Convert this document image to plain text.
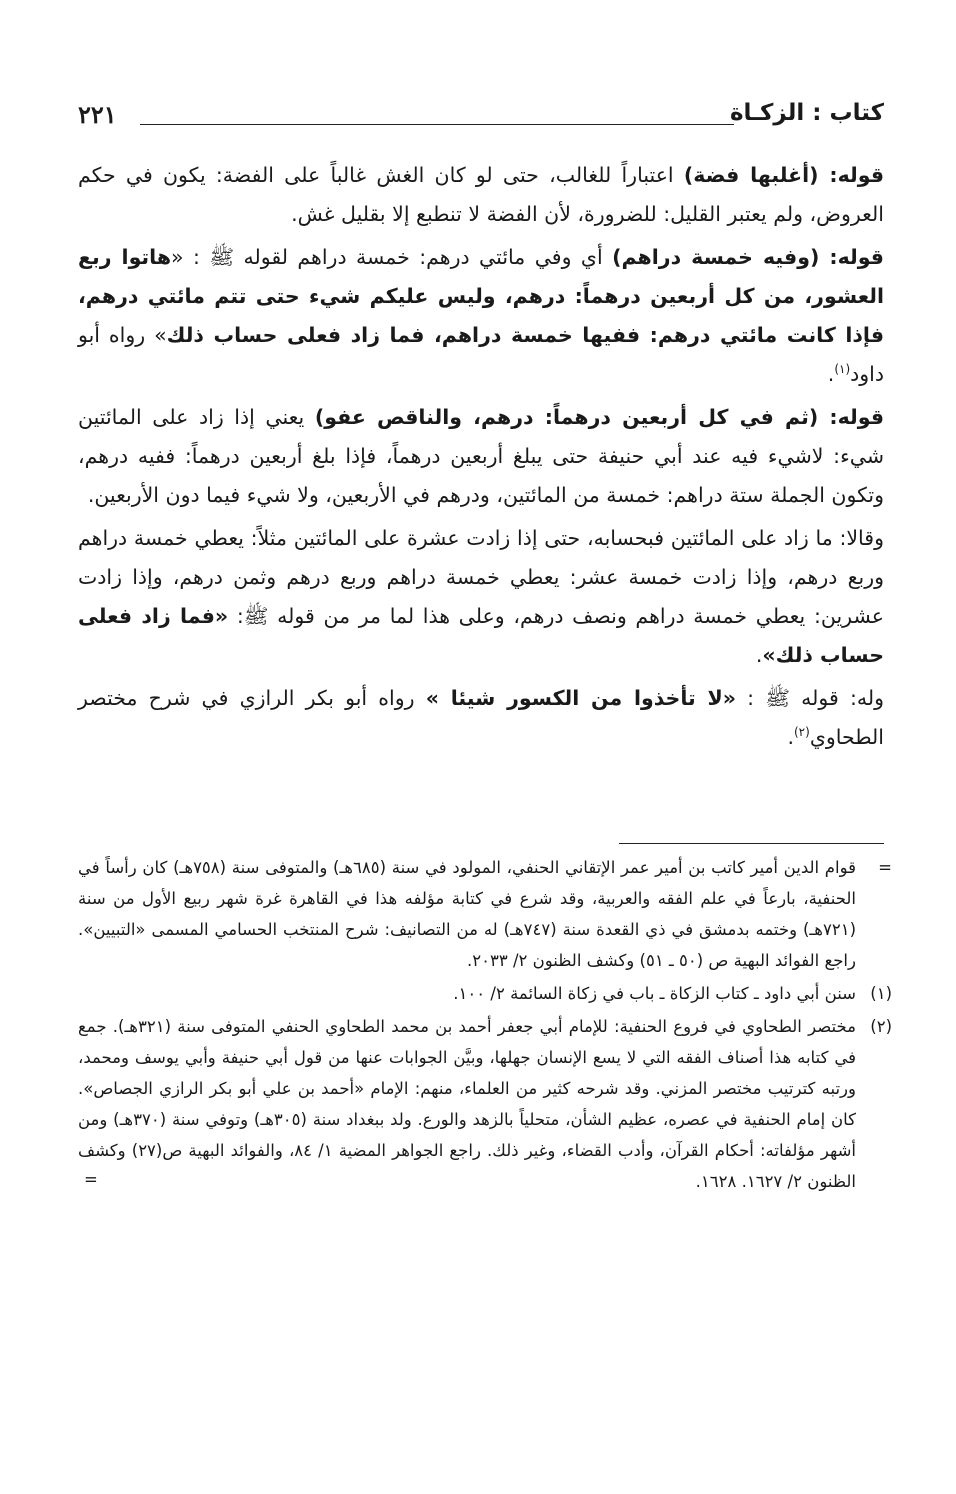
٢٢١	كتاب : الزكـاة

قوله: (أغلبها فضة) اعتباراً للغالب، حتى لو كان الغش غالباً على الفضة: يكون في حكم العروض، ولم يعتبر القليل: للضرورة، لأن الفضة لا تنطبع إلا بقليل غش.

قوله: (وفيه خمسة دراهم) أي وفي مائتي درهم: خمسة دراهم لقوله ﷺ : «هاتوا ربع العشور، من كل أربعين درهماً: درهم، وليس عليكم شيء حتى تتم مائتي درهم، فإذا كانت مائتي درهم: ففيها خمسة دراهم، فما زاد فعلى حساب ذلك» رواه أبو داود$^{(١)}$.

قوله: (ثم في كل أربعين درهماً: درهم، والناقص عفو) يعني إذا زاد على المائتين شيء: لاشيء فيه عند أبي حنيفة حتى يبلغ أربعين درهماً، فإذا بلغ أربعين درهماً: ففيه درهم، وتكون الجملة ستة دراهم: خمسة من المائتين، ودرهم في الأربعين، ولا شيء فيما دون الأربعين.

وقالا: ما زاد على المائتين فبحسابه، حتى إذا زادت عشرة على المائتين مثلاً: يعطي خمسة دراهم وربع درهم، وإذا زادت خمسة عشر: يعطي خمسة دراهم وربع درهم وثمن درهم، وإذا زادت عشرين: يعطي خمسة دراهم ونصف درهم، وعلى هذا لما مر من قوله ﷺ: «فما زاد فعلى حساب ذلك».

وله: قوله ﷺ : «لا تأخذوا من الكسور شيئا » رواه أبو بكر الرازي في شرح مختصر الطحاوي$^{(٢)}$.

=
قوام الدين أمير كاتب بن أمير عمر الإتقاني الحنفي، المولود في سنة (٦٨٥هـ) والمتوفى سنة (٧٥٨هـ) كان رأساً في الحنفية، بارعاً في علم الفقه والعربية، وقد شرع في كتابة مؤلفه هذا في القاهرة غرة شهر ربيع الأول من سنة (٧٢١هـ) وختمه بدمشق في ذي القعدة سنة (٧٤٧هـ) له من التصانيف: شرح المنتخب الحسامي المسمى «التبيين». راجع الفوائد البهية ص (٥٠ ـ ٥١) وكشف الظنون ٢/ ٢٠٣٣.
(١)
سنن أبي داود ـ كتاب الزكاة ـ باب في زكاة السائمة ٢/ ١٠٠.
(٢)
مختصر الطحاوي في فروع الحنفية: للإمام أبي جعفر أحمد بن محمد الطحاوي الحنفي المتوفى سنة (٣٢١هـ). جمع في كتابه هذا أصناف الفقه التي لا يسع الإنسان جهلها، وبيَّن الجوابات عنها من قول أبي حنيفة وأبي يوسف ومحمد، ورتبه كترتيب مختصر المزني. وقد شرحه كثير من العلماء، منهم: الإمام «أحمد بن علي أبو بكر الرازي الجصاص». كان إمام الحنفية في عصره، عظيم الشأن، متحلياً بالزهد والورع. ولد ببغداد سنة (٣٠٥هـ) وتوفي سنة (٣٧٠هـ) ومن أشهر مؤلفاته: أحكام القرآن، وأدب القضاء، وغير ذلك. راجع الجواهر المضية ١/ ٨٤، والفوائد البهية ص(٢٧) وكشف الظنون ٢/ ١٦٢٧. ١٦٢٨.
=
